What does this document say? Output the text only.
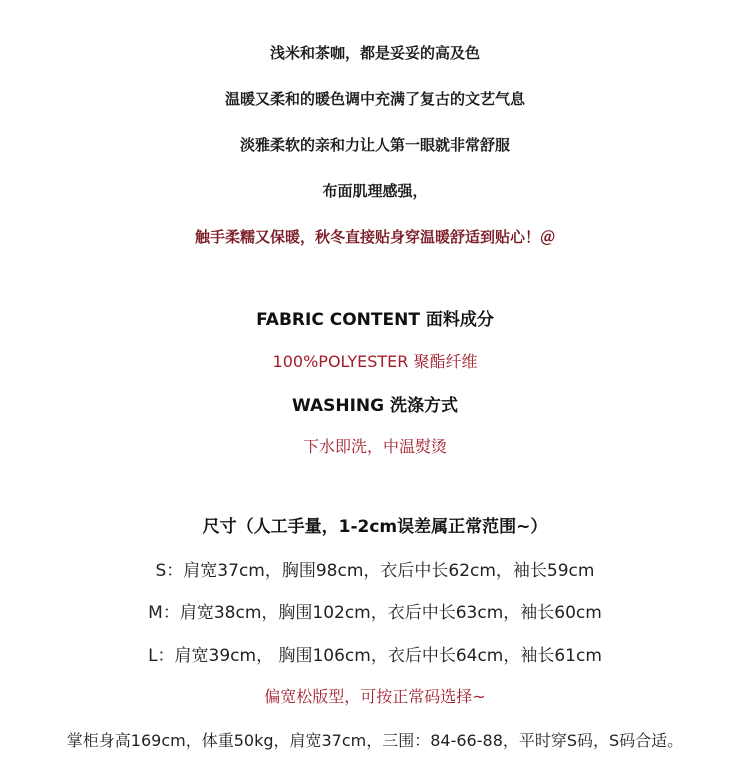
浅米和茶咖，都是妥妥的高及色
温暖又柔和的暖色调中充满了复古的文艺气息
淡雅柔软的亲和力让人第一眼就非常舒服
布面肌理感强，
触手柔糯又保暖，秋冬直接贴身穿温暖舒适到贴心！＠
FABRIC CONTENT 面料成分
100%POLYESTER 聚酯纤维
WASHING 洗涤方式
下水即洗，中温熨烫
尺寸（人工手量，1-2cm误差属正常范围~）
S：肩宽37cm，胸围98cm，衣后中长62cm，袖长59cm
M：肩宽38cm，胸围102cm，衣后中长63cm，袖长60cm
L：肩宽39cm， 胸围106cm，衣后中长64cm，袖长61cm
偏宽松版型，可按正常码选择~
掌柜身高169cm，体重50kg，肩宽37cm，三围：84-66-88，平时穿S码，S码合适。
